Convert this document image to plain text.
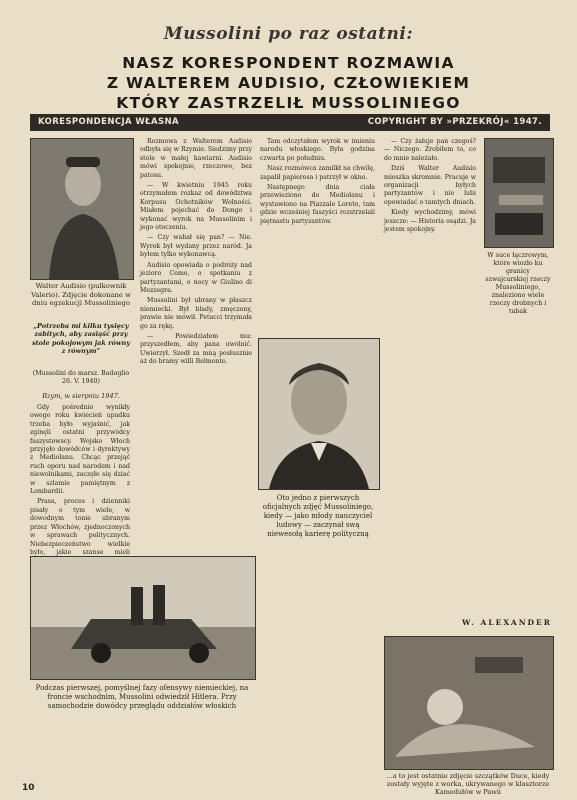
Mussolini po raz ostatni:
NASZ KORESPONDENT ROZMAWIA
Z WALTEREM AUDISIO, CZŁOWIEKIEM
KTÓRY ZASTRZELIŁ MUSSOLINIEGO
KORESPONDENCJA WŁASNA	COPYRIGHT BY »PRZEKRÓJ« 1947.
Walter Audisio (pulkownik Valerio). Zdjęcie dokonane w dniu egzekucji Mussoliniego
„Potrzeba mi kilku tysięcy zabitych, aby zasiąść przy stole pokojowym jak równy z równym”
(Mussolini do marsz. Badoglio 26. V. 1940)
Rzym, w sierpniu 1947.

Gdy pośrednio wynikły owego roku kwiecień upadku trzeba było wyjaśnić, jak zginęli ostatni przywódcy faszystowscy. Wojsko Włoch przyjęło dowódców i dyrektywy z Mediolanu. Chcąc przejąć ruch oporu nad narodem i nad niewolnikami, zaczęło się dziać w szlamie pamiętnym z Lombardii.

Prasa, proces i dzienniki pisały o tym wiele, w dowodnym tonie ubranym przez Włochów, zjednoczonych w sprawach politycznych. Niebezpieczeństwo wielkie było, jakie szanse mieli

Rozmowa z Walterem Audisio odbyła się w Rzymie. Siedzimy przy stole w małej kawiarni. Audisio mówi spokojnie, rzeczowo, bez patosu.

— W kwietniu 1945 roku otrzymałem rozkaz od dowództwa Korpusu Ochotników Wolności. Miałem pojechać do Dongo i wykonać wyrok na Mussolinim i jego otoczeniu.

— Czy wahał się pan? — Nie. Wyrok był wydany przez naród. Ja byłem tylko wykonawcą.

Audisio opowiada o podróży nad jezioro Como, o spotkaniu z partyzantami, o nocy w Giulino di Mezzegra.

Mussolini był ubrany w płaszcz niemiecki. Był blady, zmęczony, prawie nie mówił. Petacci trzymała go za rękę.

— Powiedziałem mu: przyszedłem, aby pana uwolnić. Uwierzył. Szedł za mną posłusznie aż do bramy willi Belmonte.

Tam odczytałem wyrok w imieniu narodu włoskiego. Była godzina czwarta po południu.

Nasz rozmówca zamilkł na chwilę, zapalił papierosa i patrzył w okno.

Następnego dnia ciała przewieziono do Mediolanu i wystawiono na Piazzale Loreto, tam gdzie wcześniej faszyści rozstrzelali piętnastu partyzantów.

Oto jedno z pierwszych oficjalnych zdjęć Mussoliniego, kiedy — jako młody nauczyciel ludowy — zaczynał swą niewesołą karierę polityczną

— Czy żałuje pan czegoś? — Niczego. Zrobiłem to, co do mnie należało.

Dziś Walter Audisio mieszka skromnie. Pracuje w organizacji byłych partyzantów i nie lubi opowiadać o tamtych dniach.

Kiedy wychodzimy, mówi jeszcze: — Historia osądzi. Ja jestem spokojny.

W suce łączrowym, które wiozło ku granicy szwajcarskiej rzeczy Mussoliniego, znaleziono wiele rzeczy drobnych i tabak
Podczas pierwszej, pomyślnej fazy ofensywy niemieckiej, na froncie wschodnim, Mussolini odwiedził Hitlera. Przy samochodzie dowódcy przeglądu oddziałów włoskich
...a to jest ostatnie zdjęcie szczątków Duce, kiedy zostały wyjęte z worka, ukrywanego w klasztorze Kamedułów w Pawii
W. ALEXANDER
10
